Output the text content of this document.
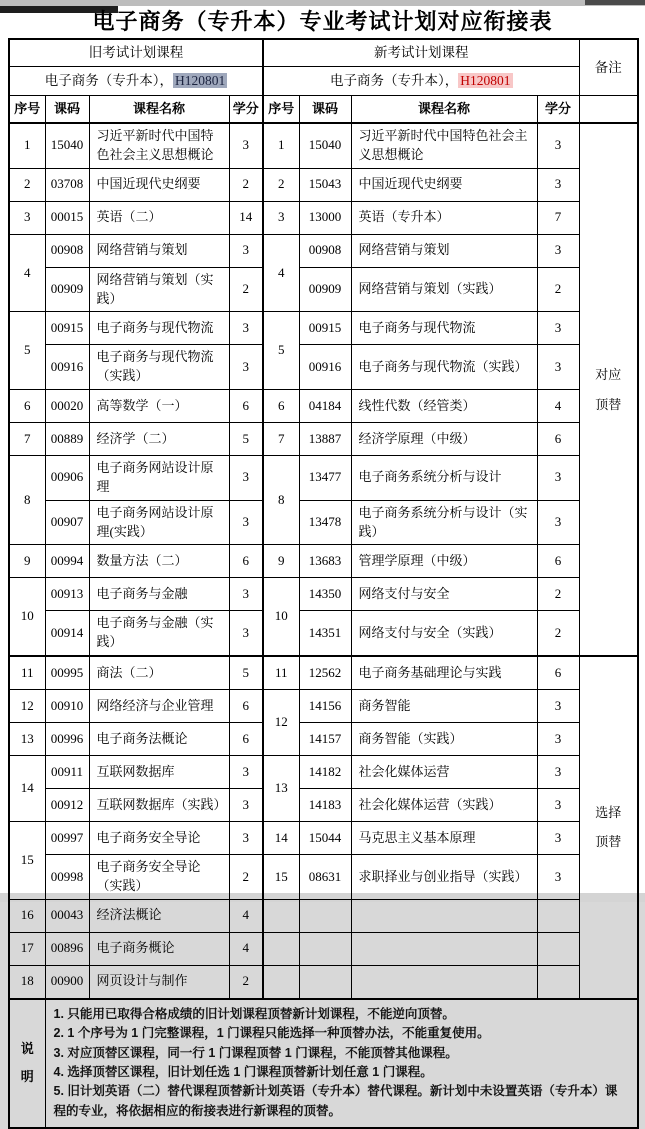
电子商务（专升本）专业考试计划对应衔接表
旧考试计划课程				新考试计划课程				备注
电子商务（专升本）， H120801				电子商务（专升本）， H120801				
序号	课码	课程名称	学分	序号	课码	课程名称	学分	
1	15040	习近平新时代中国特色社会主义思想概论	3	1	15040	习近平新时代中国特色社会主义思想概论	3	对应顶替

2	03708	中国近现代史纲要	2	2	15043	中国近现代史纲要	3	
3	00015	英语（二）	14	3	13000	英语（专升本）	7	
4	00908	网络营销与策划	3	4	00908	网络营销与策划	3	
	00909	网络营销与策划（实践）	2		00909	网络营销与策划（实践）	2	
5	00915	电子商务与现代物流	3	5	00915	电子商务与现代物流	3	
	00916	电子商务与现代物流（实践）	3		00916	电子商务与现代物流（实践）	3	
6	00020	高等数学（一）	6	6	04184	线性代数（经管类）	4	
7	00889	经济学（二）	5	7	13887	经济学原理（中级）	6	
8	00906	电子商务网站设计原理	3	8	13477	电子商务系统分析与设计	3	
	00907	电子商务网站设计原理(实践）	3		13478	电子商务系统分析与设计（实践）	3	
9	00994	数量方法（二）	6	9	13683	管理学原理（中级）	6	
10	00913	电子商务与金融	3	10	14350	网络支付与安全	2	
	00914	电子商务与金融（实践）	3		14351	网络支付与安全（实践）	2	
11	00995	商法（二）	5	11	12562	电子商务基础理论与实践	6	选择顶替

12	00910	网络经济与企业管理	6	12	14156	商务智能	3	
13	00996	电子商务法概论	6		14157	商务智能（实践）	3	
14	00911	互联网数据库	3	13	14182	社会化媒体运营	3	
	00912	互联网数据库（实践）	3		14183	社会化媒体运营（实践）	3	
15	00997	电子商务安全导论	3	14	15044	马克思主义基本原理	3	
	00998	电子商务安全导论（实践）	2	15	08631	求职择业与创业指导（实践）	3	
16	00043	经济法概论	4					
17	00896	电子商务概论	4					
18	00900	网页设计与制作	2					

说明	1. 只能用已取得合格成绩的旧计划课程顶替新计划课程，不能逆向顶替。
2. 1 个序号为 1 门完整课程，1 门课程只能选择一种顶替办法，不能重复使用。
3. 对应顶替区课程，同一行 1 门课程顶替 1 门课程，不能顶替其他课程。
4. 选择顶替区课程，旧计划任选 1 门课程顶替新计划任意 1 门课程。
5. 旧计划英语（二）替代课程顶替新计划英语（专升本）替代课程。新计划中未设置英语（专升本）课程的专业，将依据相应的衔接表进行新课程的顶替。							
